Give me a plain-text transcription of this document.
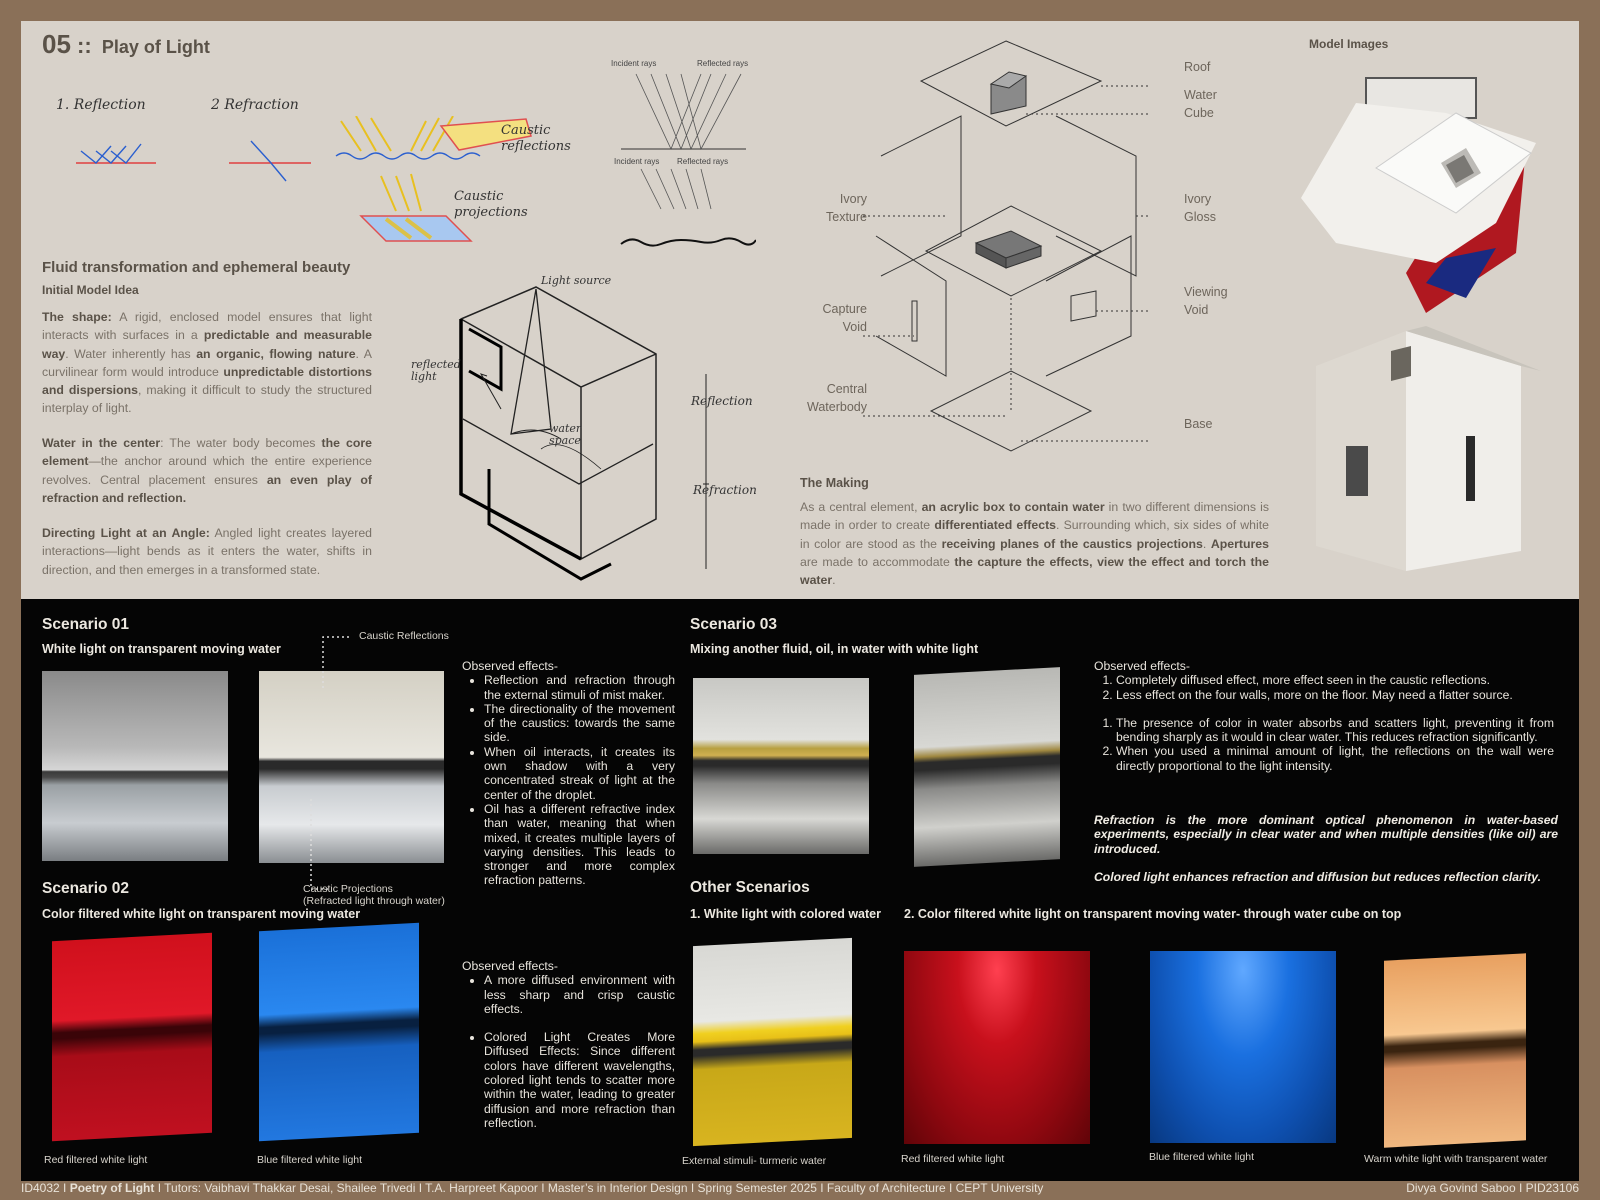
05 :: Play of Light
1. Reflection	2 Refraction
Caustic
reflections
Caustic
projections
Incident rays	Reflected rays
Incident rays Reflected rays
Fluid transformation and ephemeral beauty
Initial Model Idea
The shape: A rigid, enclosed model ensures that light interacts with surfaces in a predictable and measurable way. Water inherently has an organic, flowing nature. A curvilinear form would introduce unpredictable distortions and dispersions, making it difficult to study the structured interplay of light.
Water in the center: The water body becomes the core element—the anchor around which the entire experience revolves. Central placement ensures an even play of refraction and reflection.
Directing Light at an Angle: Angled light creates layered interactions—light bends as it enters the water, shifts in direction, and then emerges in a transformed state.
Light source
reflected
light
water
space
Reflection
Refraction
Roof
Water
Cube
Ivory
Texture
Ivory
Gloss
Capture
Void
Viewing
Void
Central
Waterbody
Base
The Making
As a central element, an acrylic box to contain water in two different dimensions is made in order to create differentiated effects. Surrounding which, six sides of white in color are stood as the receiving planes of the caustics projections. Apertures are made to accommodate the capture the effects, view the effect and torch the water.
Model Images
Scenario 01
White light on transparent moving water
Caustic Reflections
Caustic Projections
(Refracted light through water)
Observed effects-
• Reflection and refraction through the external stimuli of mist maker.
• The directionality of the movement of the caustics: towards the same side.
• When oil interacts, it creates its own shadow with a very concentrated streak of light at the center of the droplet.
• Oil has a different refractive index than water, meaning that when mixed, it creates multiple layers of varying densities. This leads to stronger and more complex refraction patterns.
Scenario 02
Color filtered white light on transparent moving water
Red filtered white light	Blue filtered white light
Observed effects-
• A more diffused environment with less sharp and crisp caustic effects.
• Colored Light Creates More Diffused Effects: Since different colors have different wavelengths, colored light tends to scatter more within the water, leading to greater diffusion and more refraction than reflection.
Scenario 03
Mixing another fluid, oil, in water with white light
Observed effects-
1. Completely diffused effect, more effect seen in the caustic reflections.
2. Less effect on the four walls, more on the floor. May need a flatter source.
1. The presence of color in water absorbs and scatters light, preventing it from bending sharply as it would in clear water. This reduces refraction significantly.
2. When you used a minimal amount of light, the reflections on the wall were directly proportional to the light intensity.
Refraction is the more dominant optical phenomenon in water-based experiments, especially in clear water and when multiple densities (like oil) are introduced.
Colored light enhances refraction and diffusion but reduces reflection clarity.
Other Scenarios
1. White light with colored water 2. Color filtered white light on transparent moving water- through water cube on top
External stimuli- turmeric water	Red filtered white light	Blue filtered white light	Warm white light with transparent water
ID4032 I Poetry of Light I Tutors: Vaibhavi Thakkar Desai, Shailee Trivedi I T.A. Harpreet Kapoor I Master’s in Interior Design I Spring Semester 2025 I Faculty of Architecture I CEPT University	Divya Govind Saboo I PID23106
